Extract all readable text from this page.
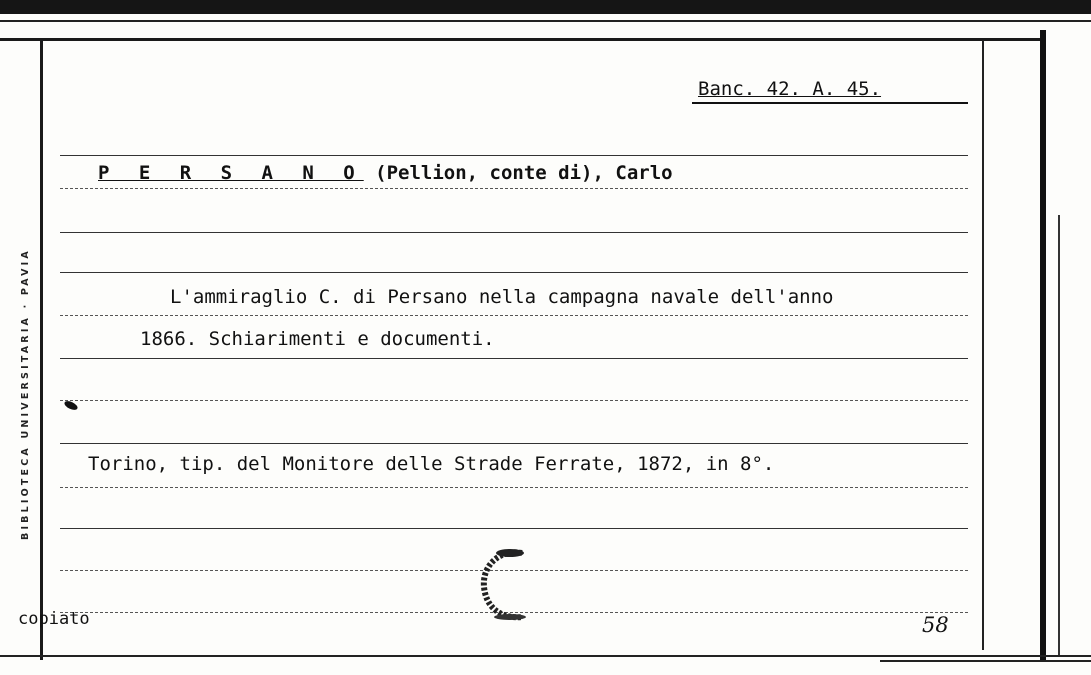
BIBLIOTECA UNIVERSITARIA · PAVIA
Banc. 42. A. 45.
P E R S A N O (Pellion, conte di), Carlo
L'ammiraglio C. di Persano nella campagna navale dell'anno
1866. Schiarimenti e documenti.
Torino, tip. del Monitore delle Strade Ferrate, 1872, in 8°.
copiato	58
